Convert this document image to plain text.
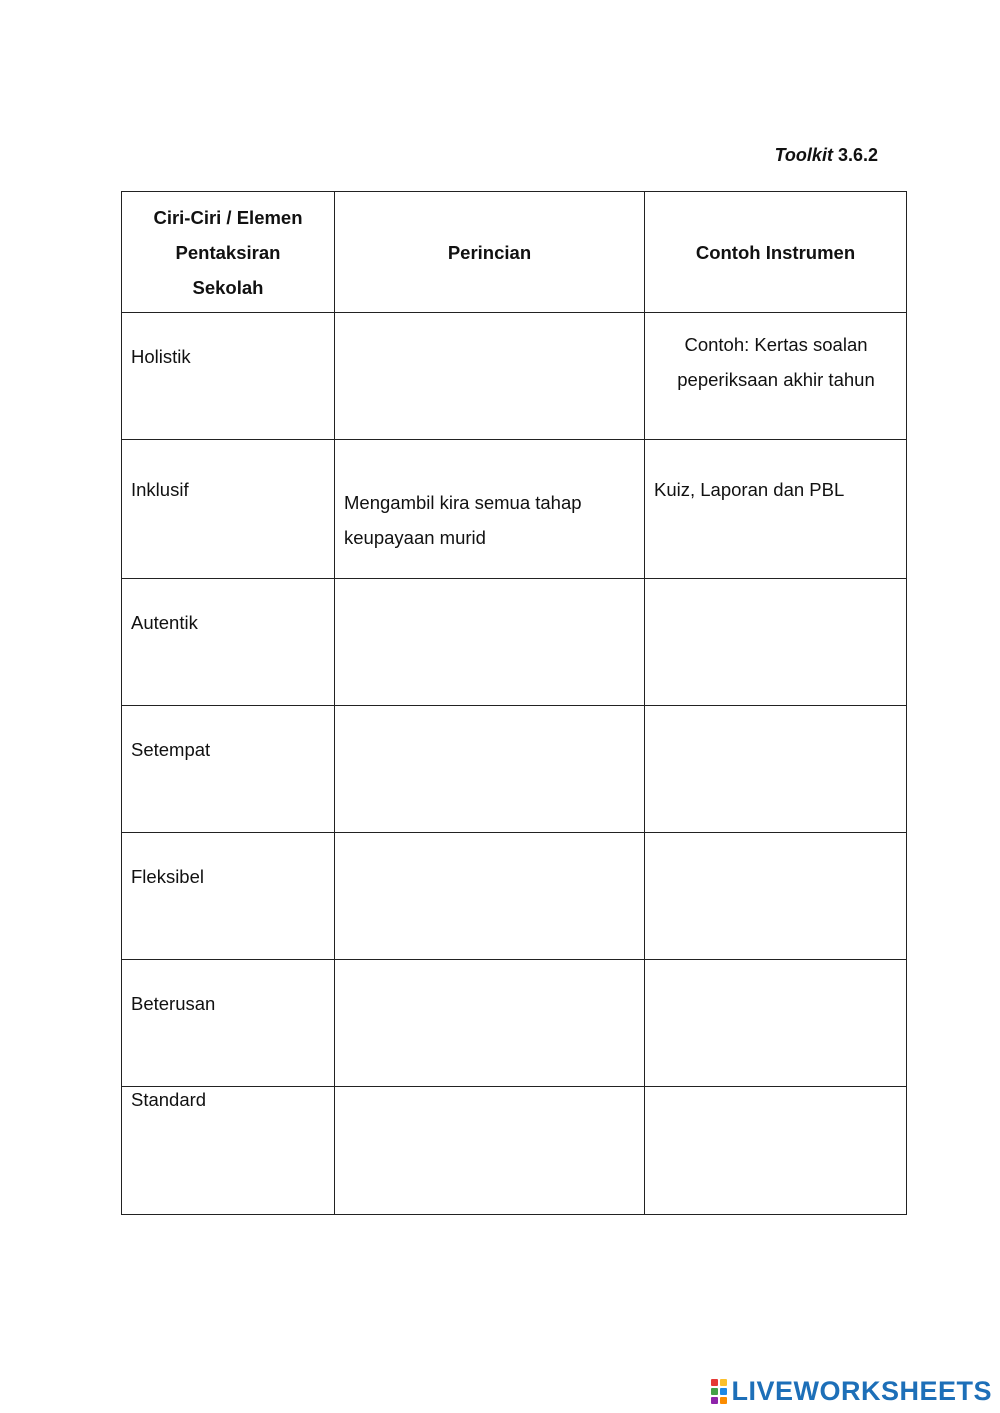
Toolkit 3.6.2
Ciri-Ciri / Elemen Pentaksiran Sekolah	Perincian	Contoh Instrumen

Holistik		Contoh: Kertas soalan peperiksaan akhir tahun

Inklusif	Mengambil kira semua tahap keupayaan murid	Kuiz, Laporan dan PBL

Autentik		

Setempat		

Fleksibel		

Beterusan		

Standard		

LIVEWORKSHEETS
